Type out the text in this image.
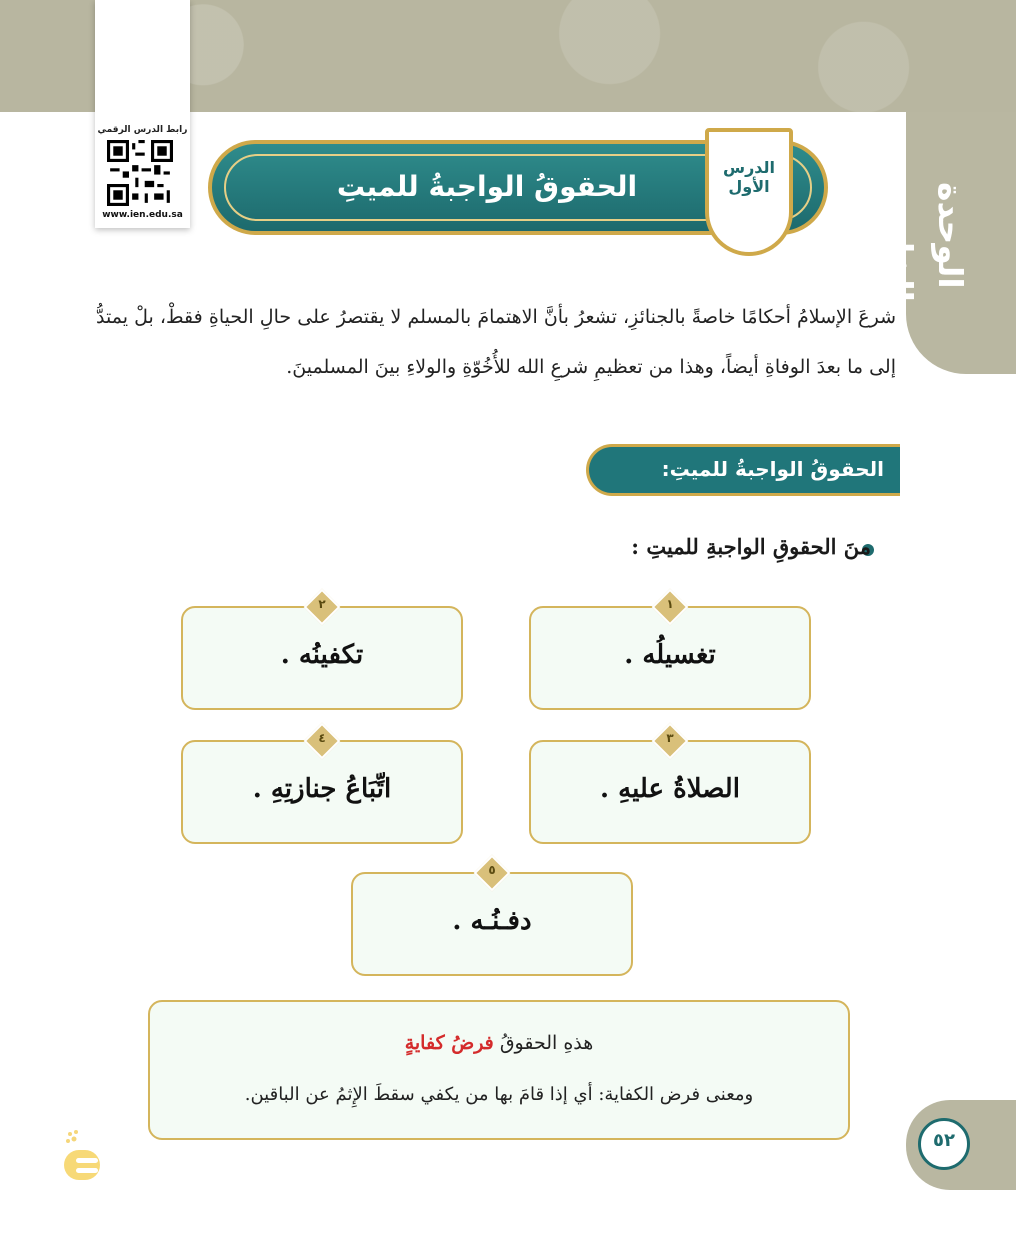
الوحدة الخامسة
رابط الدرس الرقمي
www.ien.edu.sa
الحقوقُ الواجبةُ للميتِ
الدرس
الأول
شرعَ الإسلامُ أحكامًا خاصةً بالجنائزِ، تشعرُ بأنَّ الاهتمامَ بالمسلم لا يقتصرُ على حالِ الحياةِ فقطْ، بلْ يمتدُّ إلى ما بعدَ الوفاةِ أيضاً، وهذا من تعظيمِ شرعِ الله للأُخُوّةِ والولاءِ بينَ المسلمينَ.
الحقوقُ الواجبةُ للميتِ:
منَ الحقوقِ الواجبةِ للميتِ :
١
تغسيلُه .
٢
تكفينُه .
٣
الصلاةُ عليهِ .
٤
اتِّبَاعُ جنازتِهِ .
٥
دفـنُـه .
هذهِ الحقوقُ فرضُ كفايةٍ
ومعنى فرض الكفاية: أي إذا قامَ بها من يكفي سقطَ الإِثمُ عن الباقين.
٥٢
